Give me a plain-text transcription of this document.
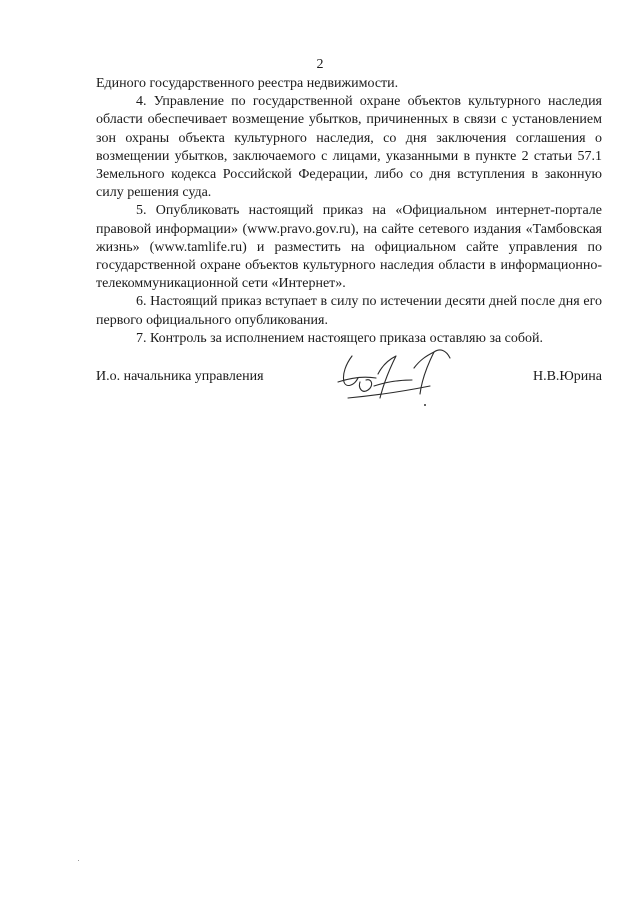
2

Единого государственного реестра недвижимости.

4. Управление по государственной охране объектов культурного наследия области обеспечивает возмещение убытков, причиненных в связи с установлением зон охраны объекта культурного наследия, со дня заключения соглашения о возмещении убытков, заключаемого с лицами, указанными в пункте 2 статьи 57.1 Земельного кодекса Российской Федерации, либо со дня вступления в законную силу решения суда.

5. Опубликовать настоящий приказ на «Официальном интернет-портале правовой информации» (www.pravo.gov.ru), на сайте сетевого издания «Тамбовская жизнь» (www.tamlife.ru) и разместить на официальном сайте управления по государственной охране объектов культурного наследия области в информационно-телекоммуникационной сети «Интернет».

6. Настоящий приказ вступает в силу по истечении десяти дней после дня его первого официального опубликования.

7. Контроль за исполнением настоящего приказа оставляю за собой.

И.о. начальника управления	Н.В.Юрина
